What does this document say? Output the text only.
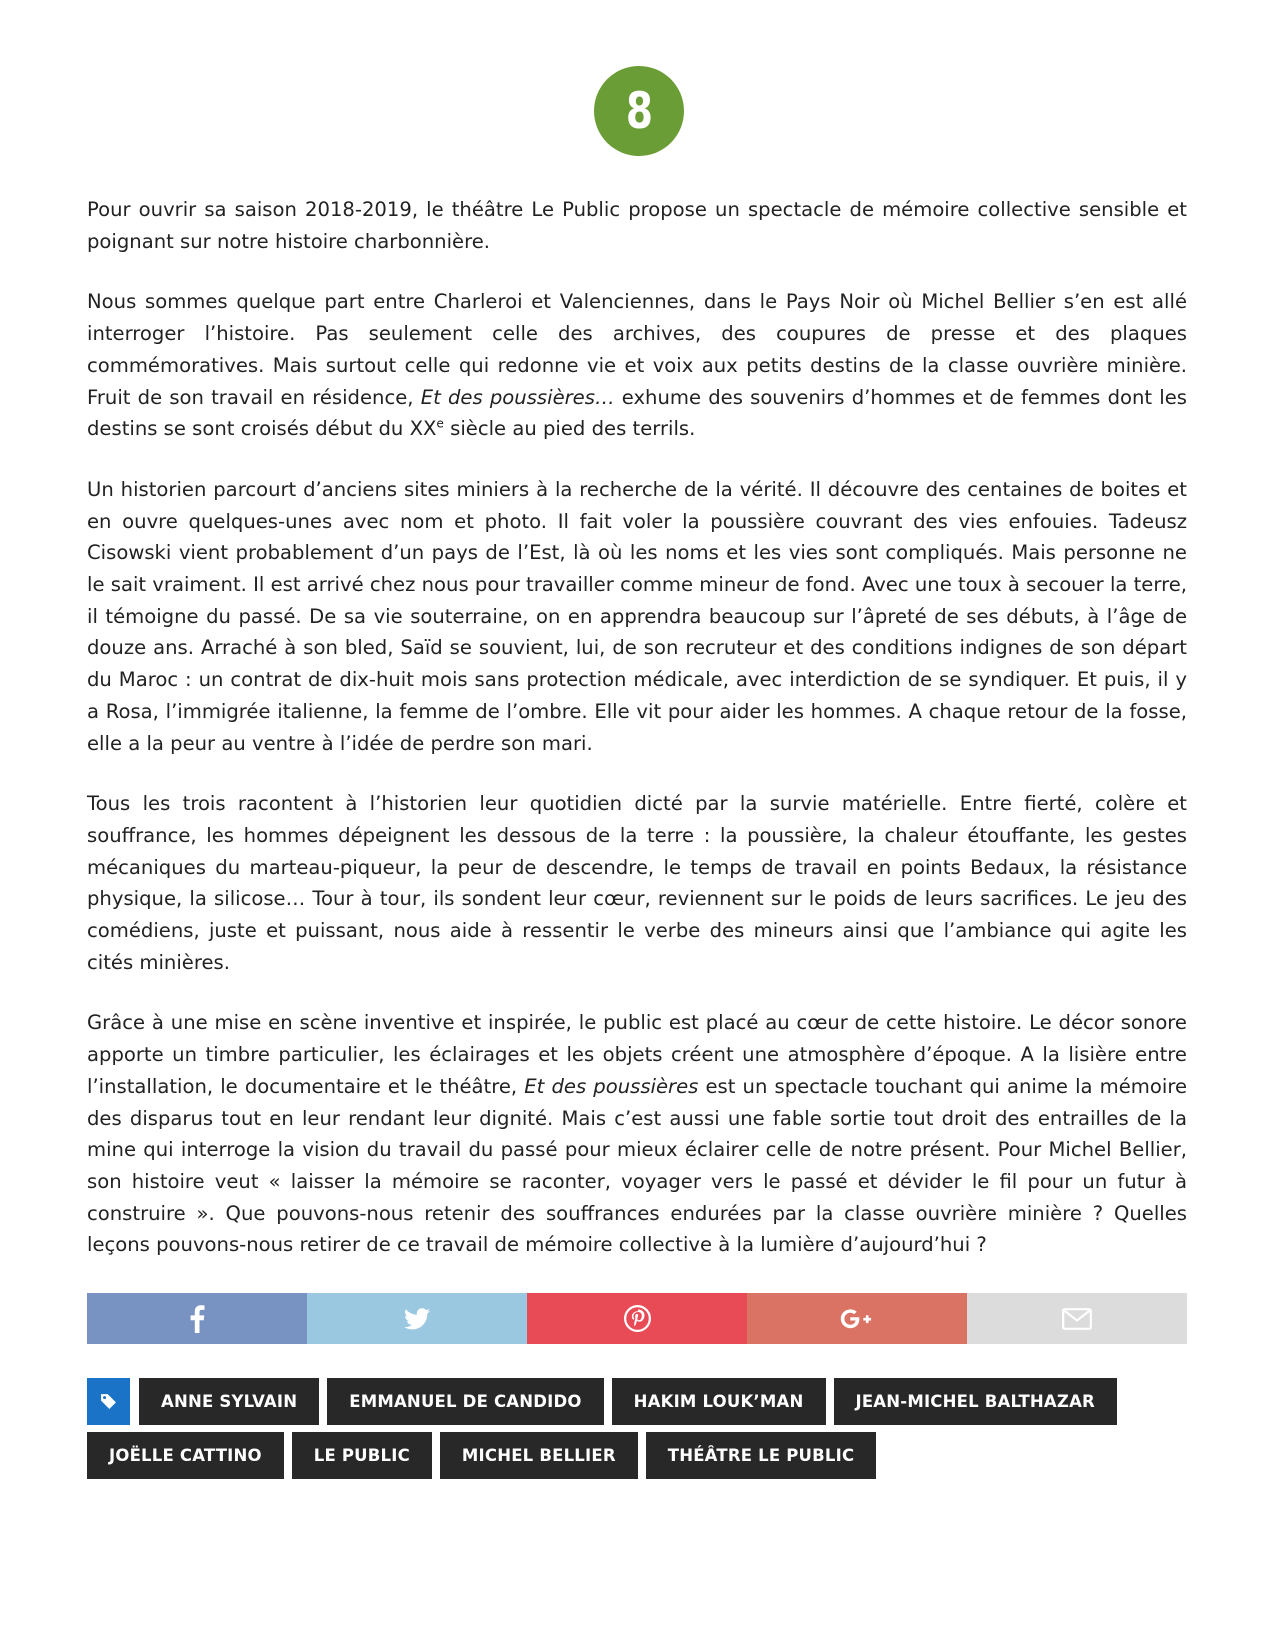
8

Pour ouvrir sa saison 2018-2019, le théâtre Le Public propose un spectacle de mémoire collective sensible et poignant sur notre histoire charbonnière.

Nous sommes quelque part entre Charleroi et Valenciennes, dans le Pays Noir où Michel Bellier s’en est allé interroger l’histoire. Pas seulement celle des archives, des coupures de presse et des plaques commémoratives. Mais surtout celle qui redonne vie et voix aux petits destins de la classe ouvrière minière. Fruit de son travail en résidence, Et des poussières… exhume des souvenirs d’hommes et de femmes dont les destins se sont croisés début du XXe siècle au pied des terrils.

Un historien parcourt d’anciens sites miniers à la recherche de la vérité. Il découvre des centaines de boites et en ouvre quelques-unes avec nom et photo. Il fait voler la poussière couvrant des vies enfouies. Tadeusz Cisowski vient probablement d’un pays de l’Est, là où les noms et les vies sont compliqués. Mais personne ne le sait vraiment. Il est arrivé chez nous pour travailler comme mineur de fond. Avec une toux à secouer la terre, il témoigne du passé. De sa vie souterraine, on en apprendra beaucoup sur l’âpreté de ses débuts, à l’âge de douze ans. Arraché à son bled, Saïd se souvient, lui, de son recruteur et des conditions indignes de son départ du Maroc : un contrat de dix-huit mois sans protection médicale, avec interdiction de se syndiquer. Et puis, il y a Rosa, l’immigrée italienne, la femme de l’ombre. Elle vit pour aider les hommes. A chaque retour de la fosse, elle a la peur au ventre à l’idée de perdre son mari.

Tous les trois racontent à l’historien leur quotidien dicté par la survie matérielle. Entre fierté, colère et souffrance, les hommes dépeignent les dessous de la terre : la poussière, la chaleur étouffante, les gestes mécaniques du marteau-piqueur, la peur de descendre, le temps de travail en points Bedaux, la résistance physique, la silicose… Tour à tour, ils sondent leur cœur, reviennent sur le poids de leurs sacrifices. Le jeu des comédiens, juste et puissant, nous aide à ressentir le verbe des mineurs ainsi que l’ambiance qui agite les cités minières.

Grâce à une mise en scène inventive et inspirée, le public est placé au cœur de cette histoire. Le décor sonore apporte un timbre particulier, les éclairages et les objets créent une atmosphère d’époque. A la lisière entre l’installation, le documentaire et le théâtre, Et des poussières est un spectacle touchant qui anime la mémoire des disparus tout en leur rendant leur dignité. Mais c’est aussi une fable sortie tout droit des entrailles de la mine qui interroge la vision du travail du passé pour mieux éclairer celle de notre présent. Pour Michel Bellier, son histoire veut « laisser la mémoire se raconter, voyager vers le passé et dévider le fil pour un futur à construire ». Que pouvons-nous retenir des souffrances endurées par la classe ouvrière minière ? Quelles leçons pouvons-nous retirer de ce travail de mémoire collective à la lumière d’aujourd’hui ?

ANNE SYLVAIN	EMMANUEL DE CANDIDO	HAKIM LOUK’MAN	JEAN-MICHEL BALTHAZAR
JOËLLE CATTINO	LE PUBLIC	MICHEL BELLIER	THÉÂTRE LE PUBLIC
